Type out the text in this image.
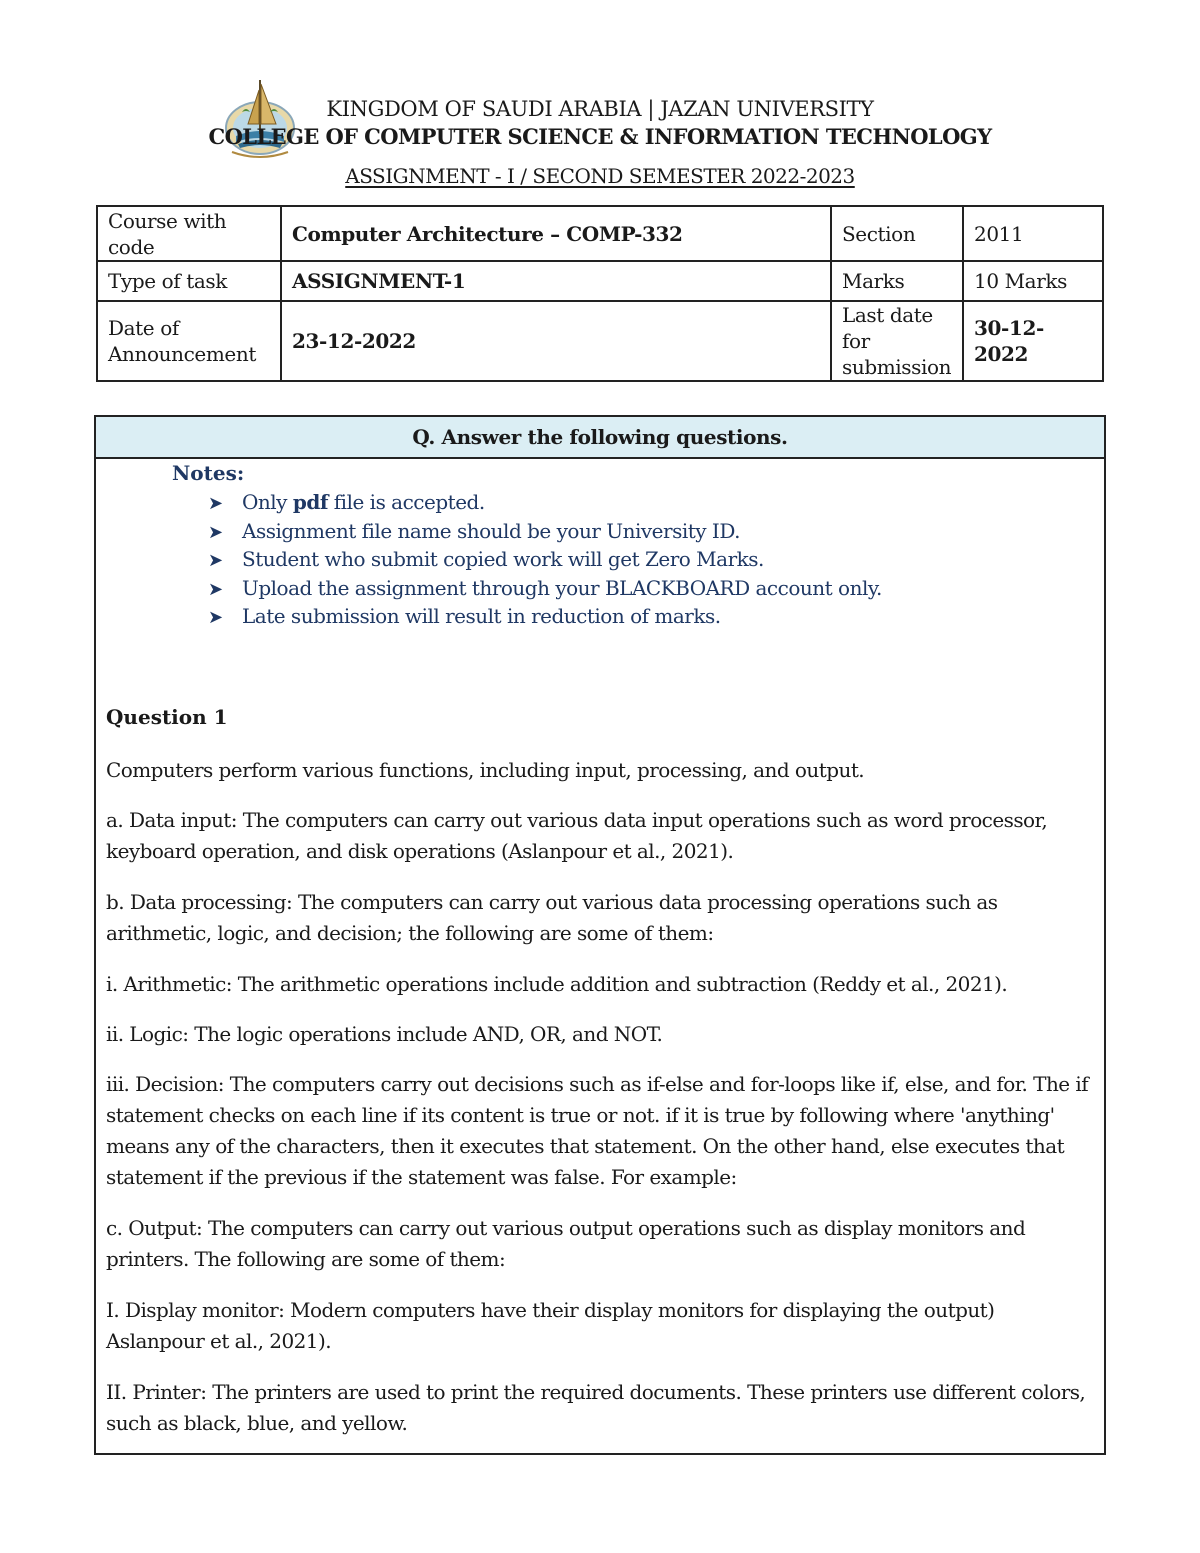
KINGDOM OF SAUDI ARABIA | JAZAN UNIVERSITY
COLLEGE OF COMPUTER SCIENCE & INFORMATION TECHNOLOGY
ASSIGNMENT - I / SECOND SEMESTER 2022-2023
Course with code	Computer Architecture – COMP-332	Section	2011
Type of task	ASSIGNMENT-1	Marks	10 Marks
Date of Announcement	23-12-2022	Last date for submission	30-12-2022
Q. Answer the following questions.
Notes:
➤ Only pdf file is accepted.
➤ Assignment file name should be your University ID.
➤ Student who submit copied work will get Zero Marks.
➤ Upload the assignment through your BLACKBOARD account only.
➤ Late submission will result in reduction of marks.
Question 1
Computers perform various functions, including input, processing, and output.
a. Data input: The computers can carry out various data input operations such as word processor, keyboard operation, and disk operations (Aslanpour et al., 2021).
b. Data processing: The computers can carry out various data processing operations such as arithmetic, logic, and decision; the following are some of them:
i. Arithmetic: The arithmetic operations include addition and subtraction (Reddy et al., 2021).
ii. Logic: The logic operations include AND, OR, and NOT.
iii. Decision: The computers carry out decisions such as if-else and for-loops like if, else, and for. The if statement checks on each line if its content is true or not. if it is true by following where 'anything' means any of the characters, then it executes that statement. On the other hand, else executes that statement if the previous if the statement was false. For example:
c. Output: The computers can carry out various output operations such as display monitors and printers. The following are some of them:
I. Display monitor: Modern computers have their display monitors for displaying the output) Aslanpour et al., 2021).
II. Printer: The printers are used to print the required documents. These printers use different colors, such as black, blue, and yellow.
